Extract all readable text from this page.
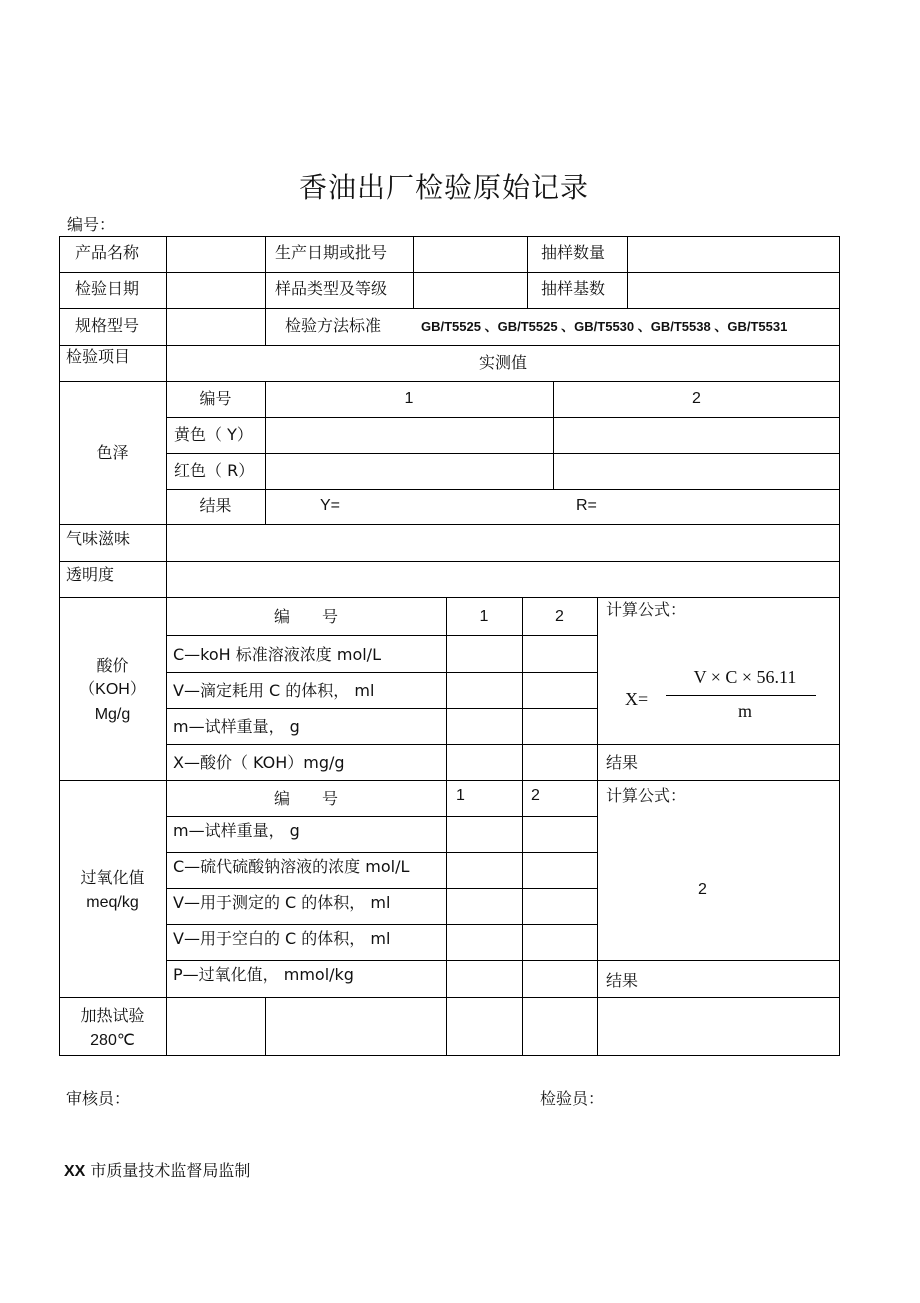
香油出厂检验原始记录
编号：
产品名称	生产日期或批号	抽样数量
检验日期	样品类型及等级	抽样基数
规格型号	检验方法标准	GB/T5525 、GB/T5525 、GB/T5530 、GB/T5538 、GB/T5531
检验项目	实测值
色泽
编号	1	2
黄色（ Y）
红色（ R）
结果	Y=	R=
气味滋味
透明度
酸价
（KOH）
Mg/g
编　　号	1	2	计算公式：
C—koH 标准溶液浓度 mol/L
V—滴定耗用 C 的体积， ml
m—试样重量， g
X—酸价（ KOH）mg/g	结果
X=
V × C × 56.11
m
过氧化值
meq/kg
编　　号	1	2	计算公式：
m—试样重量， g
C—硫代硫酸钠溶液的浓度 mol/L
V—用于测定的 C 的体积， ml
V—用于空白的 C 的体积， ml
P—过氧化值， mmol/kg
2
结果
加热试验
280℃
审核员：	检验员：
XX 市质量技术监督局监制
